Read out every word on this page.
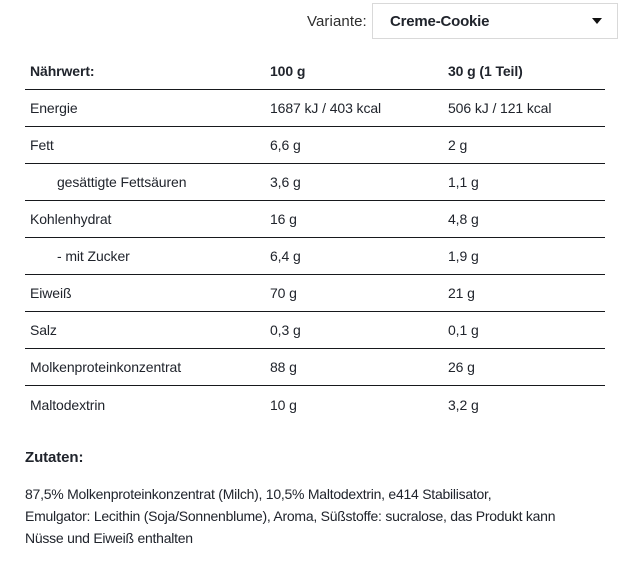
Variante: Creme-Cookie
Nährwert:	100 g	30 g (1 Teil)
Energie	1687 kJ / 403 kcal	506 kJ / 121 kcal
Fett	6,6 g	2 g
gesättigte Fettsäuren	3,6 g	1,1 g
Kohlenhydrat	16 g	4,8 g
- mit Zucker	6,4 g	1,9 g
Eiweiß	70 g	21 g
Salz	0,3 g	0,1 g
Molkenproteinkonzentrat	88 g	26 g
Maltodextrin	10 g	3,2 g
Zutaten:
87,5% Molkenproteinkonzentrat (Milch), 10,5% Maltodextrin, e414 Stabilisator,
Emulgator: Lecithin (Soja/Sonnenblume), Aroma, Süßstoffe: sucralose, das Produkt kann
Nüsse und Eiweiß enthalten
